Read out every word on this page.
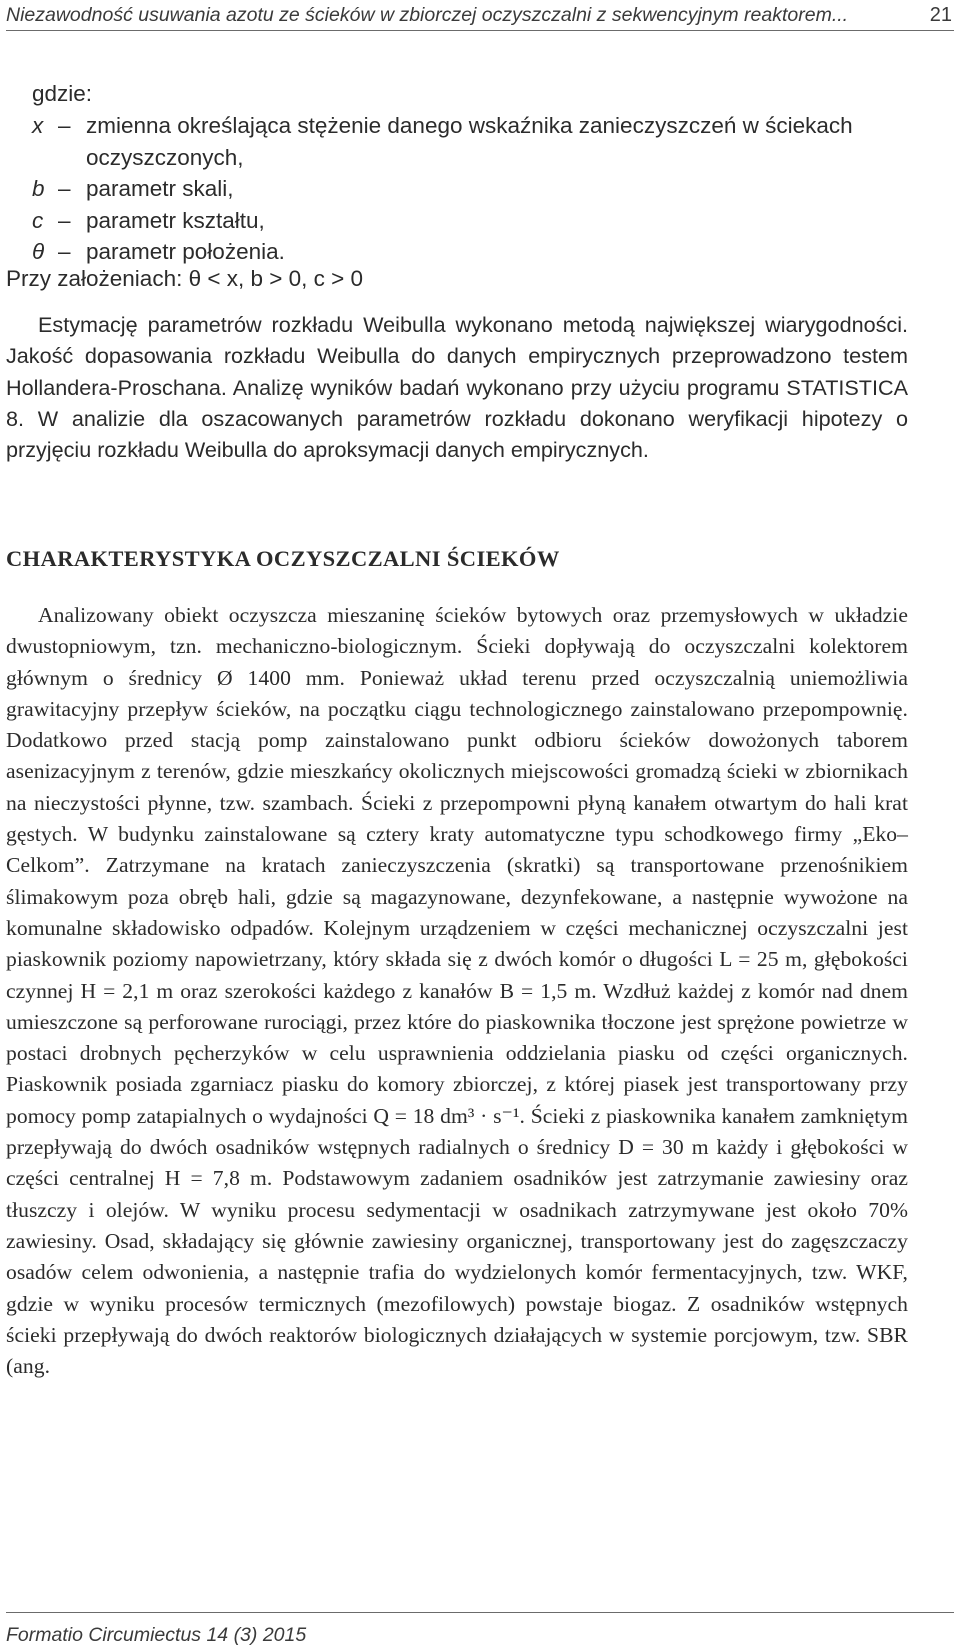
Niezawodność usuwania azotu ze ścieków w zbiorczej oczyszczalni z sekwencyjnym reaktorem...	21
gdzie:
x – zmienna określająca stężenie danego wskaźnika zanieczyszczeń w ściekach oczyszczonych,
b – parametr skali,
c – parametr kształtu,
θ – parametr położenia.
Przy założeniach: θ < x, b > 0, c > 0

Estymację parametrów rozkładu Weibulla wykonano metodą największej wiarygodności. Jakość dopasowania rozkładu Weibulla do danych empirycznych przeprowadzono testem Hollandera-Proschana. Analizę wyników badań wykonano przy użyciu programu STATISTICA 8. W analizie dla oszacowanych parametrów rozkładu dokonano weryfikacji hipotezy o przyjęciu rozkładu Weibulla do aproksymacji danych empirycznych.

CHARAKTERYSTYKA OCZYSZCZALNI ŚCIEKÓW

Analizowany obiekt oczyszcza mieszaninę ścieków bytowych oraz przemysłowych w układzie dwustopniowym, tzn. mechaniczno-biologicznym. Ścieki dopływają do oczyszczalni kolektorem głównym o średnicy Ø 1400 mm. Ponieważ układ terenu przed oczyszczalnią uniemożliwia grawitacyjny przepływ ścieków, na początku ciągu technologicznego zainstalowano przepompownię. Dodatkowo przed stacją pomp zainstalowano punkt odbioru ścieków dowożonych taborem asenizacyjnym z terenów, gdzie mieszkańcy okolicznych miejscowości gromadzą ścieki w zbiornikach na nieczystości płynne, tzw. szambach. Ścieki z przepompowni płyną kanałem otwartym do hali krat gęstych. W budynku zainstalowane są cztery kraty automatyczne typu schodkowego firmy „Eko–Celkom”. Zatrzymane na kratach zanieczyszczenia (skratki) są transportowane przenośnikiem ślimakowym poza obręb hali, gdzie są magazynowane, dezynfekowane, a następnie wywożone na komunalne składowisko odpadów. Kolejnym urządzeniem w części mechanicznej oczyszczalni jest piaskownik poziomy napowietrzany, który składa się z dwóch komór o długości L = 25 m, głębokości czynnej H = 2,1 m oraz szerokości każdego z kanałów B = 1,5 m. Wzdłuż każdej z komór nad dnem umieszczone są perforowane rurociągi, przez które do piaskownika tłoczone jest sprężone powietrze w postaci drobnych pęcherzyków w celu usprawnienia oddzielania piasku od części organicznych. Piaskownik posiada zgarniacz piasku do komory zbiorczej, z której piasek jest transportowany przy pomocy pomp zatapialnych o wydajności Q = 18 dm³ · s⁻¹. Ścieki z piaskownika kanałem zamkniętym przepływają do dwóch osadników wstępnych radialnych o średnicy D = 30 m każdy i głębokości w części centralnej H = 7,8 m. Podstawowym zadaniem osadników jest zatrzymanie zawiesiny oraz tłuszczy i olejów. W wyniku procesu sedymentacji w osadnikach zatrzymywane jest około 70% zawiesiny. Osad, składający się głównie zawiesiny organicznej, transportowany jest do zagęszczaczy osadów celem odwonienia, a następnie trafia do wydzielonych komór fermentacyjnych, tzw. WKF, gdzie w wyniku procesów termicznych (mezofilowych) powstaje biogaz. Z osadników wstępnych ścieki przepływają do dwóch reaktorów biologicznych działających w systemie porcjowym, tzw. SBR (ang.

Formatio Circumiectus 14 (3) 2015
